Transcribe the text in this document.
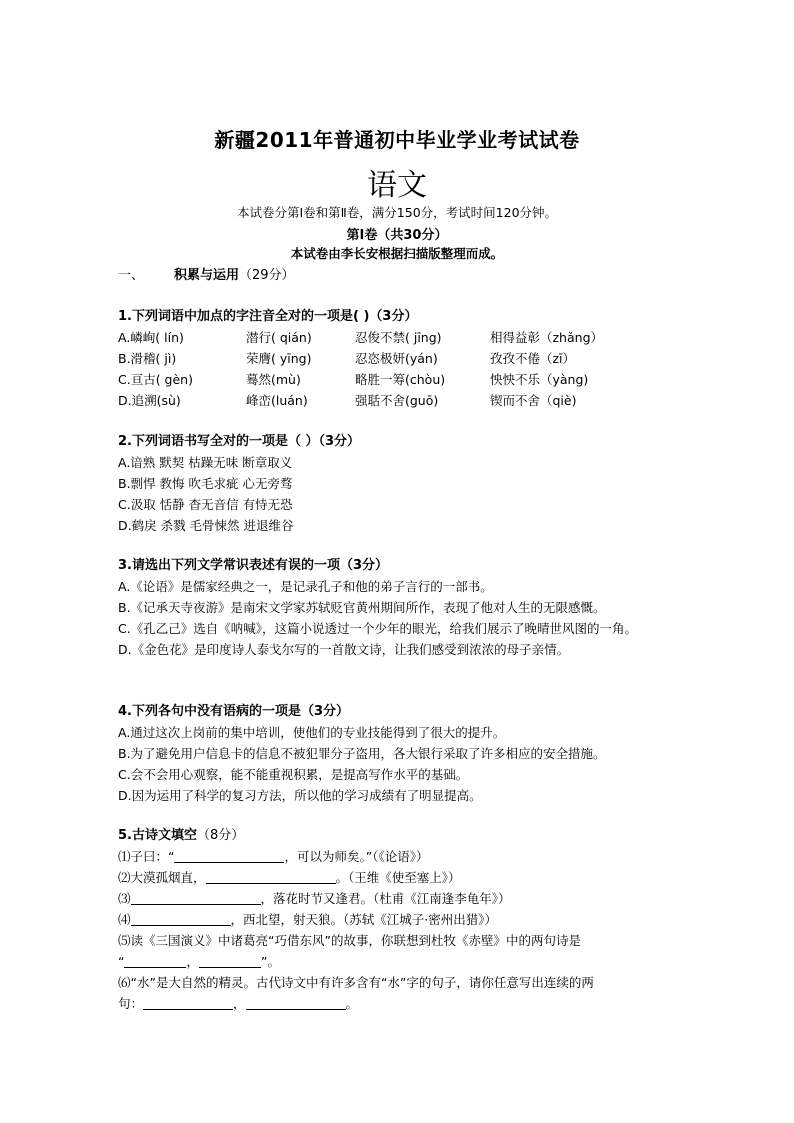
新疆2011年普通初中毕业学业考试试卷
语文
本试卷分第Ⅰ卷和第Ⅱ卷，满分150分，考试时间120分钟。
第Ⅰ卷（共30分）
本试卷由李长安根据扫描版整理而成。
一、 积累与运用（29分）
1.下列词语中加点的字注音全对的一项是( )（3分）
A.嶙峋( lín)	潜行( qián)	忍俊不禁( jīng)	相得益彰（zhǎng）
B.滑稽( jì)	荣膺( yīng)	忍恣极妍(yán)	孜孜不倦（zī）
C.亘古( gèn)	蓦然(mù)	略胜一筹(chòu)	怏怏不乐（yàng)
D.追溯(sù)	峰峦(luán)	强聒不舍(guō)	锲而不舍（qiè)
2.下列词语书写全对的一项是（ ）（3分）
A.谙熟 默契 枯躁无味 断章取义
B.剽悍 教悔 吹毛求疵 心无旁骛
C.汲取 恬静 杳无音信 有恃无恐
D.鹤戾 杀戮 毛骨悚然 进退维谷
3.请选出下列文学常识表述有误的一项（3分）
A.《论语》是儒家经典之一，是记录孔子和他的弟子言行的一部书。
B.《记承天寺夜游》是南宋文学家苏轼贬官黄州期间所作，表现了他对人生的无限感慨。
C.《孔乙己》选自《呐喊》，这篇小说透过一个少年的眼光，给我们展示了晚晴世风图的一角。
D.《金色花》是印度诗人泰戈尔写的一首散文诗，让我们感受到浓浓的母子亲情。
4.下列各句中没有语病的一项是（3分）
A.通过这次上岗前的集中培训，使他们的专业技能得到了很大的提升。
B.为了避免用户信息卡的信息不被犯罪分子盗用，各大银行采取了许多相应的安全措施。
C.会不会用心观察，能不能重视积累，是提高写作水平的基础。
D.因为运用了科学的复习方法，所以他的学习成绩有了明显提高。
5.古诗文填空（8分）
⑴子曰：“	，可以为师矣。”（《论语》）
⑵大漠孤烟直，	。（王维《使至塞上》）
⑶	，落花时节又逢君。（杜甫《江南逢李龟年》）
⑷	，西北望，射天狼。（苏轼《江城子·密州出猎》）
⑸读《三国演义》中诸葛亮“巧借东风”的故事，你联想到杜牧《赤壁》中的两句诗是
“	，	”。
⑹“水”是大自然的精灵。古代诗文中有许多含有“水”字的句子，请你任意写出连续的两
句：	，	。
